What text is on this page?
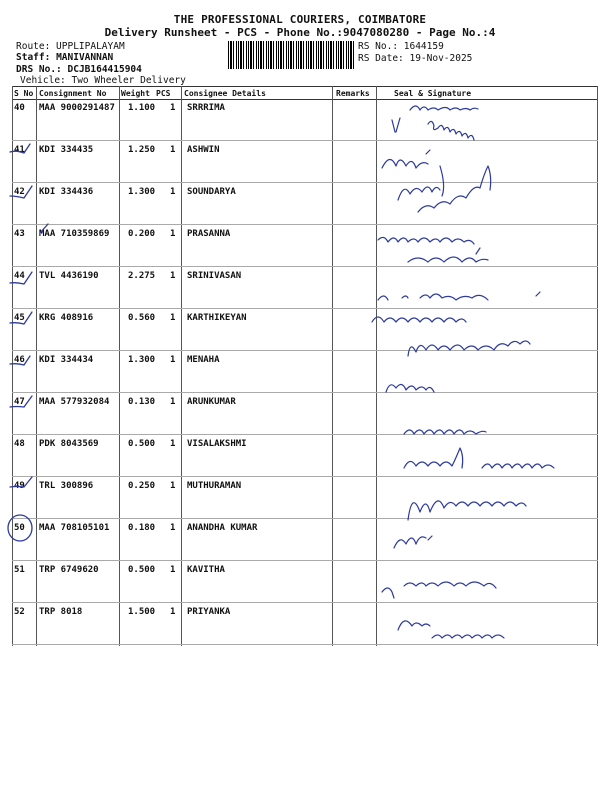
THE PROFESSIONAL COURIERS, COIMBATORE
Delivery Runsheet - PCS - Phone No.:9047080280 - Page No.:4
Route: UPPLIPALAYAM
Staff: MANIVANNAN
DRS No.: DCJB164415904
Vehicle: Two Wheeler Delivery
RS No.: 1644159
RS Date: 19-Nov-2025
S No Consignment No Weight PCS Consignee Details	Remarks	Seal & Signature
40 MAA 9000291487 1.100 1 SRRRIMA
41 KDI 334435	1.250 1 ASHWIN
42 KDI 334436	1.300 1 SOUNDARYA
43 MAA 710359869 0.200 1 PRASANNA
44 TVL 4436190	2.275 1 SRINIVASAN
45 KRG 408916	0.560 1 KARTHIKEYAN
46 KDI 334434	1.300 1 MENAHA
47 MAA 577932084 0.130 1 ARUNKUMAR
48 PDK 8043569	0.500 1 VISALAKSHMI
49 TRL 300896	0.250 1 MUTHURAMAN
50 MAA 708105101 0.180 1 ANANDHA KUMAR
51 TRP 6749620	0.500 1 KAVITHA
52 TRP 8018	1.500 1 PRIYANKA
